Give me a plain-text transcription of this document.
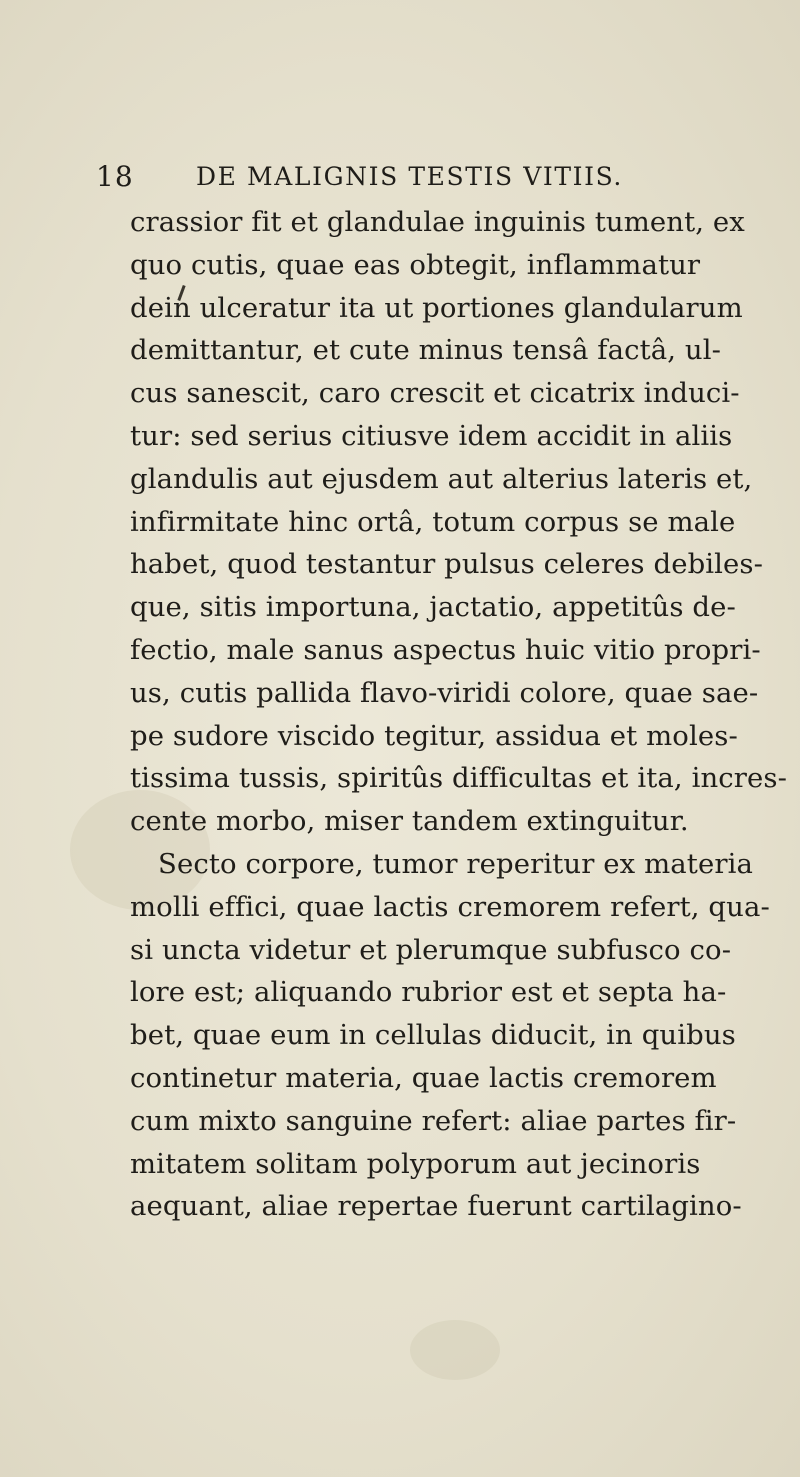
18 DE MALIGNIS TESTIS VITIIS.
crassior fit et glandulae inguinis tument, ex
quo cutis, quae eas obtegit, inflammatur
dein ulceratur ita ut portiones glandularum
demittantur, et cute minus tensâ factâ, ul-
cus sanescit, caro crescit et cicatrix induci-
tur: sed serius citiusve idem accidit in aliis
glandulis aut ejusdem aut alterius lateris et,
infirmitate hinc ortâ, totum corpus se male
habet, quod testantur pulsus celeres debiles-
que, sitis importuna, jactatio, appetitûs de-
fectio, male sanus aspectus huic vitio propri-
us, cutis pallida flavo-viridi colore, quae sae-
pe sudore viscido tegitur, assidua et moles-
tissima tussis, spiritûs difficultas et ita, incres-
cente morbo, miser tandem extinguitur.
Secto corpore, tumor reperitur ex materia
molli effici, quae lactis cremorem refert, qua-
si uncta videtur et plerumque subfusco co-
lore est; aliquando rubrior est et septa ha-
bet, quae eum in cellulas diducit, in quibus
continetur materia, quae lactis cremorem
cum mixto sanguine refert: aliae partes fir-
mitatem solitam polyporum aut jecinoris
aequant, aliae repertae fuerunt cartilagino-
